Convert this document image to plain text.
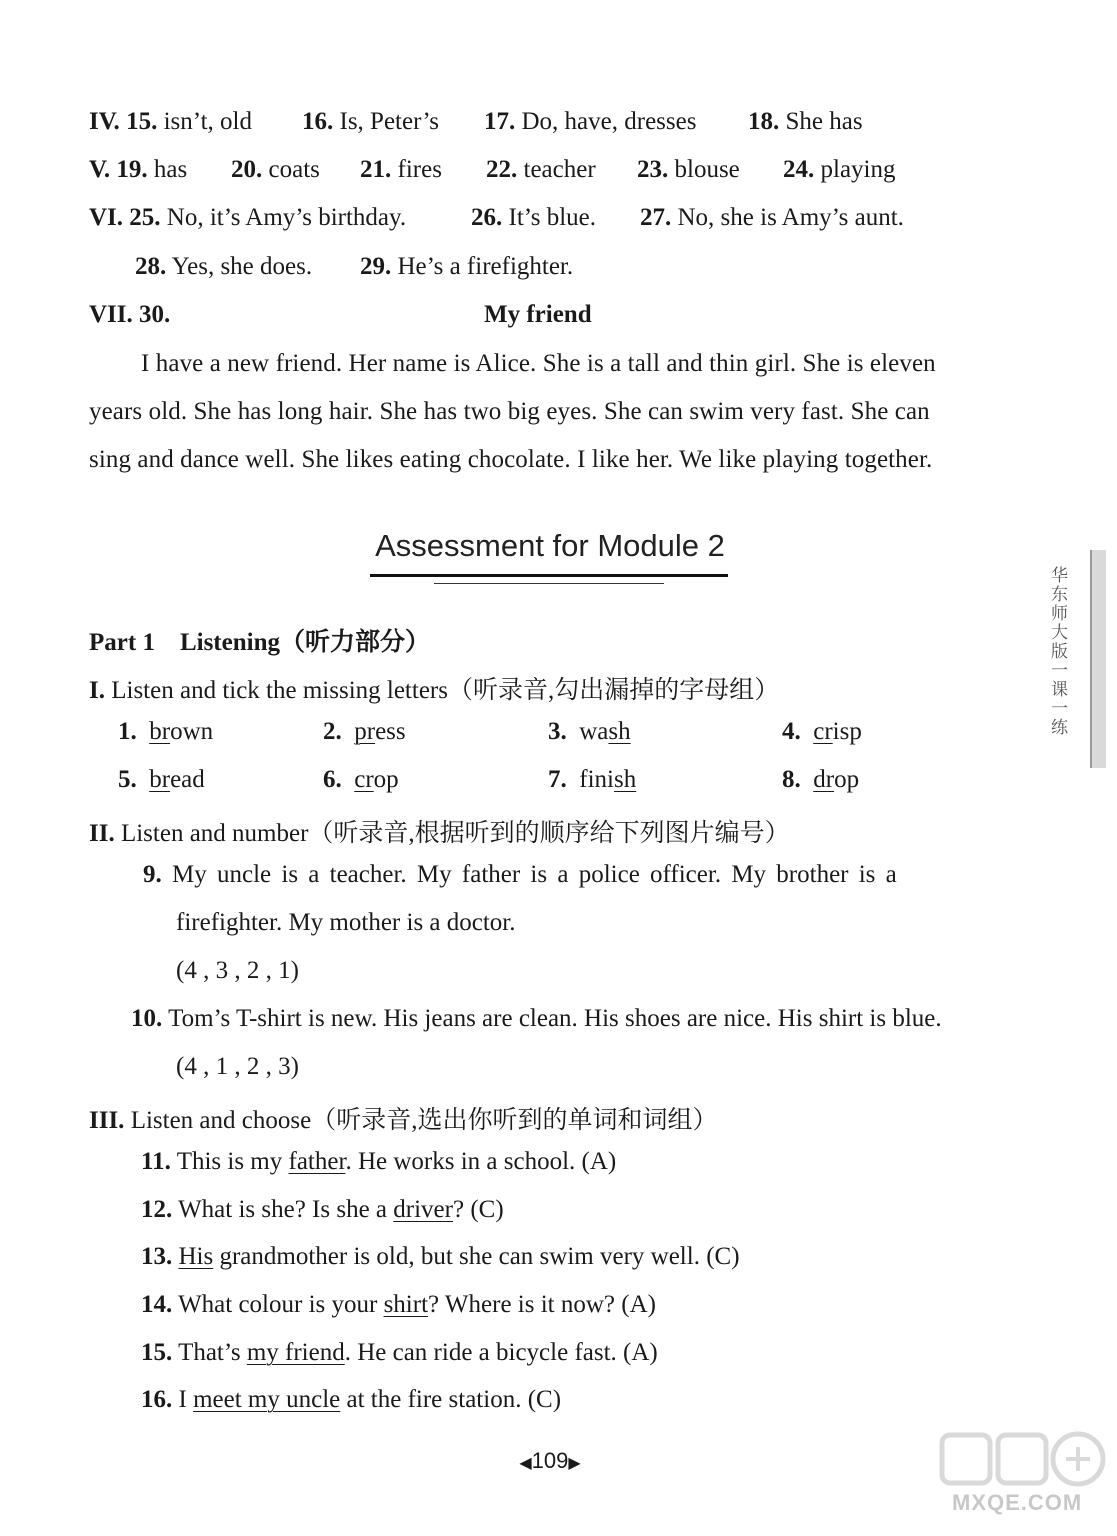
IV. 15. isn’t, old 16. Is, Peter’s 17. Do, have, dresses 18. She has
V. 19. has 20. coats 21. fires 22. teacher 23. blouse 24. playing
VI. 25. No, it’s Amy’s birthday.	26. It’s blue. 27. No, she is Amy’s aunt.
28. Yes, she does. 29. He’s a firefighter.
VII. 30.	My friend
I have a new friend. Her name is Alice. She is a tall and thin girl. She is eleven
years old. She has long hair. She has two big eyes. She can swim very fast. She can
sing and dance well. She likes eating chocolate. I like her. We like playing together.
Assessment for Module 2
华东师大版一课一练
Part 1 Listening（听力部分）
I. Listen and tick the missing letters（听录音,勾出漏掉的字母组）
1. brown	2. press	3. wash	4. crisp
5. bread	6. crop	7. finish	8. drop
II. Listen and number（听录音,根据听到的顺序给下列图片编号）
9. My uncle is a teacher. My father is a police officer. My brother is a
firefighter. My mother is a doctor.
(4 , 3 , 2 , 1)
10. Tom’s T-shirt is new. His jeans are clean. His shoes are nice. His shirt is blue.
(4 , 1 , 2 , 3)
III. Listen and choose（听录音,选出你听到的单词和词组）
11. This is my father. He works in a school. (A)
12. What is she? Is she a driver? (C)
13. His grandmother is old, but she can swim very well. (C)
14. What colour is your shirt? Where is it now? (A)
15. That’s my friend. He can ride a bicycle fast. (A)
16. I meet my uncle at the fire station. (C)
◀109▶
MXQE.COM
